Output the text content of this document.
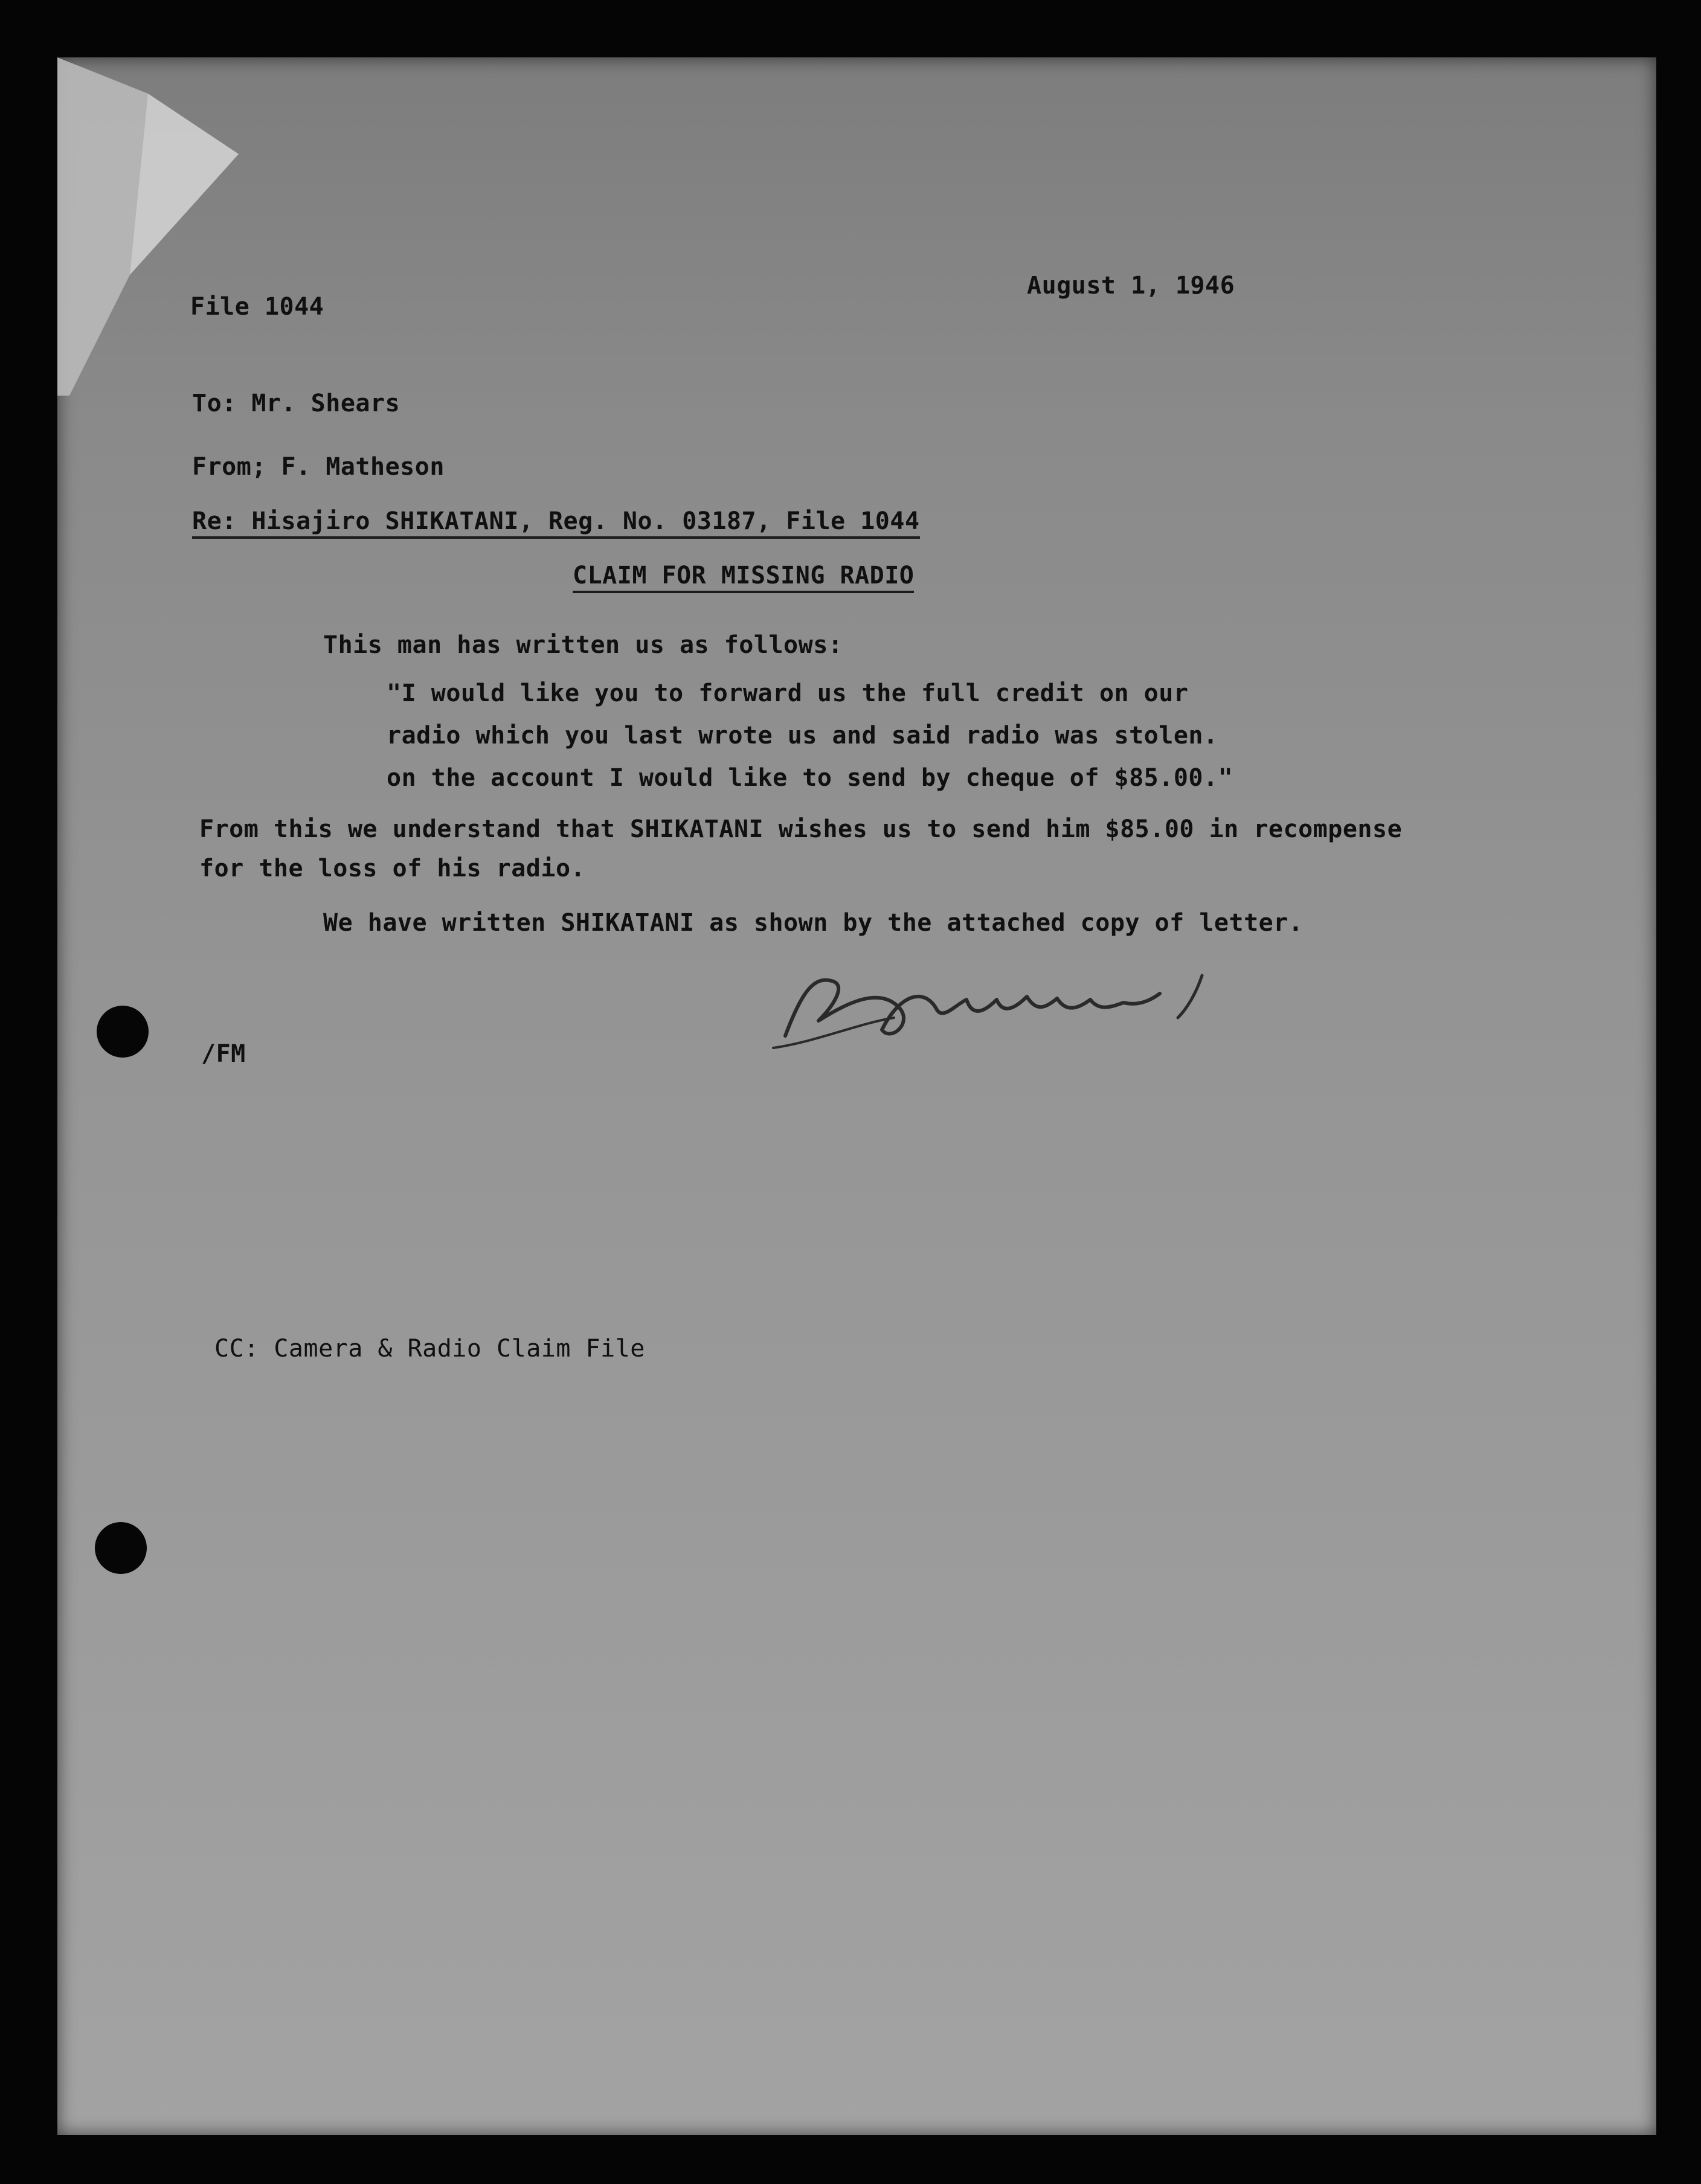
File 1044
August 1, 1946
To: Mr. Shears
From; F. Matheson
Re: Hisajiro SHIKATANI, Reg. No. 03187, File 1044
CLAIM FOR MISSING RADIO
This man has written us as follows:
"I would like you to forward us the full credit on our
radio which you last wrote us and said radio was stolen.
on the account I would like to send by cheque of $85.00."
From this we understand that SHIKATANI wishes us to send him $85.00 in recompense
for the loss of his radio.
We have written SHIKATANI as shown by the attached copy of letter.
/FM
CC: Camera & Radio Claim File
